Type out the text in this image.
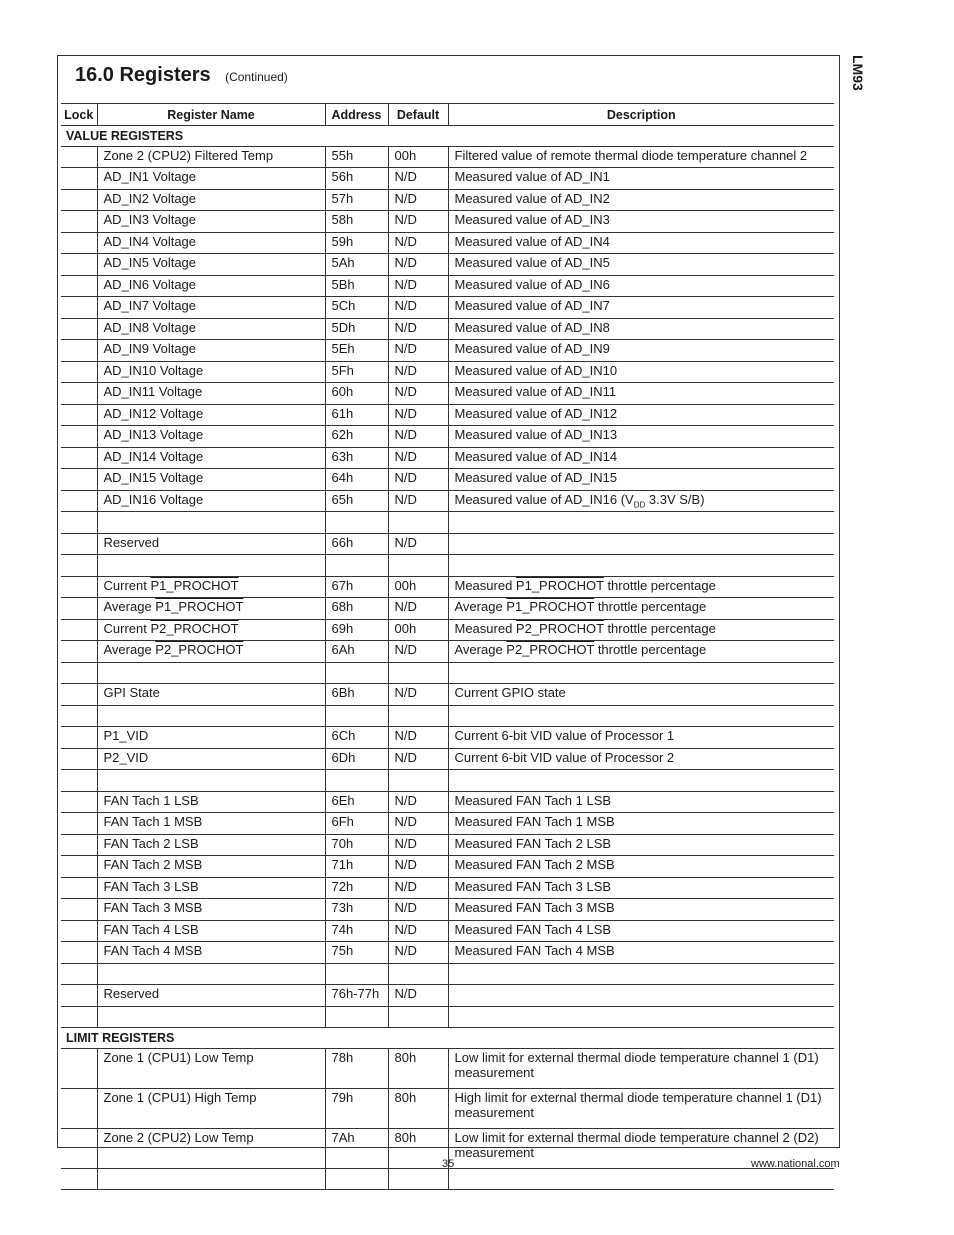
LM93
16.0 Registers (Continued)
Lock	Register Name	Address	Default	Description
VALUE REGISTERS				
	Zone 2 (CPU2) Filtered Temp	55h	00h	Filtered value of remote thermal diode temperature channel 2
	AD_IN1 Voltage	56h	N/D	Measured value of AD_IN1
	AD_IN2 Voltage	57h	N/D	Measured value of AD_IN2
	AD_IN3 Voltage	58h	N/D	Measured value of AD_IN3
	AD_IN4 Voltage	59h	N/D	Measured value of AD_IN4
	AD_IN5 Voltage	5Ah	N/D	Measured value of AD_IN5
	AD_IN6 Voltage	5Bh	N/D	Measured value of AD_IN6
	AD_IN7 Voltage	5Ch	N/D	Measured value of AD_IN7
	AD_IN8 Voltage	5Dh	N/D	Measured value of AD_IN8
	AD_IN9 Voltage	5Eh	N/D	Measured value of AD_IN9
	AD_IN10 Voltage	5Fh	N/D	Measured value of AD_IN10
	AD_IN11 Voltage	60h	N/D	Measured value of AD_IN11
	AD_IN12 Voltage	61h	N/D	Measured value of AD_IN12
	AD_IN13 Voltage	62h	N/D	Measured value of AD_IN13
	AD_IN14 Voltage	63h	N/D	Measured value of AD_IN14
	AD_IN15 Voltage	64h	N/D	Measured value of AD_IN15
	AD_IN16 Voltage	65h	N/D	Measured value of AD_IN16 ($V_{DD}$ 3.3V S/B)

	Reserved	66h	N/D	

	Current P1_PROCHOT	67h	00h	Measured P1_PROCHOT throttle percentage
	Average P1_PROCHOT	68h	N/D	Average P1_PROCHOT throttle percentage
	Current P2_PROCHOT	69h	00h	Measured P2_PROCHOT throttle percentage
	Average P2_PROCHOT	6Ah	N/D	Average P2_PROCHOT throttle percentage

	GPI State	6Bh	N/D	Current GPIO state

	P1_VID	6Ch	N/D	Current 6-bit VID value of Processor 1
	P2_VID	6Dh	N/D	Current 6-bit VID value of Processor 2

	FAN Tach 1 LSB	6Eh	N/D	Measured FAN Tach 1 LSB
	FAN Tach 1 MSB	6Fh	N/D	Measured FAN Tach 1 MSB
	FAN Tach 2 LSB	70h	N/D	Measured FAN Tach 2 LSB
	FAN Tach 2 MSB	71h	N/D	Measured FAN Tach 2 MSB
	FAN Tach 3 LSB	72h	N/D	Measured FAN Tach 3 LSB
	FAN Tach 3 MSB	73h	N/D	Measured FAN Tach 3 MSB
	FAN Tach 4 LSB	74h	N/D	Measured FAN Tach 4 LSB
	FAN Tach 4 MSB	75h	N/D	Measured FAN Tach 4 MSB

	Reserved	76h-77h	N/D	

LIMIT REGISTERS				
	Zone 1 (CPU1) Low Temp	78h	80h	Low limit for external thermal diode temperature channel 1 (D1) measurement
	Zone 1 (CPU1) High Temp	79h	80h	High limit for external thermal diode temperature channel 1 (D1) measurement
	Zone 2 (CPU2) Low Temp	7Ah	80h	Low limit for external thermal diode temperature channel 2 (D2) measurement

35	www.national.com
